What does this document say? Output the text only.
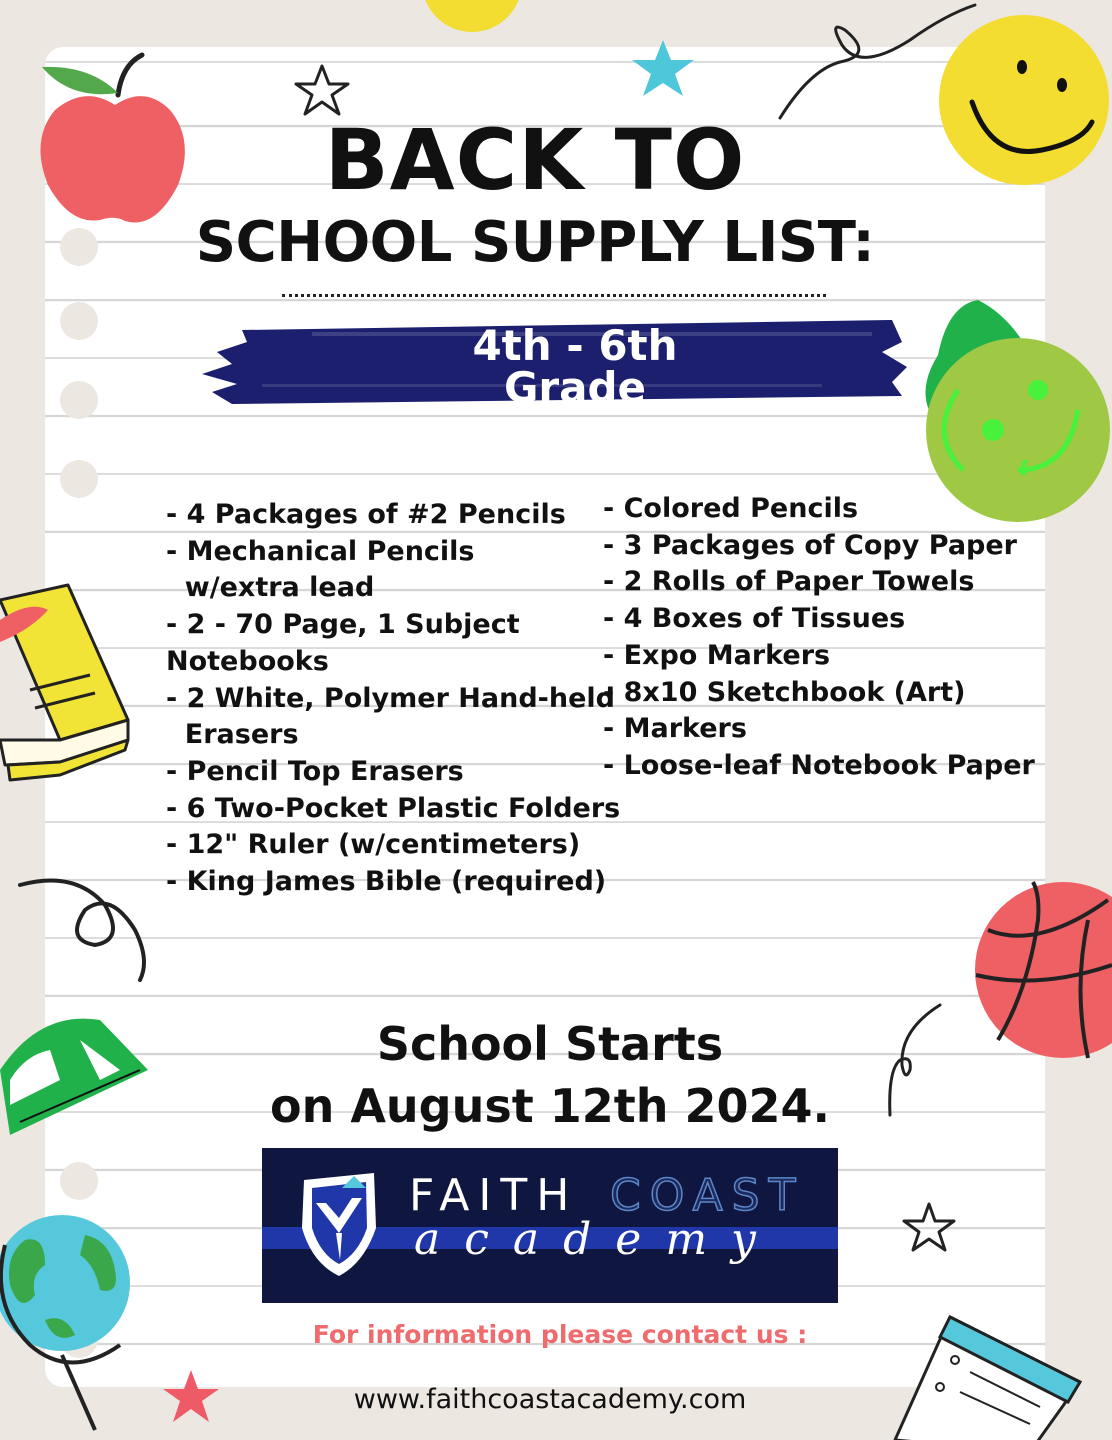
BACK TO
SCHOOL SUPPLY LIST:
4th - 6th Grade
- 4 Packages of #2 Pencils
- Mechanical Pencils
w/extra lead
- 2 - 70 Page, 1 Subject
Notebooks
- 2 White, Polymer Hand-held
Erasers
- Pencil Top Erasers
- 6 Two-Pocket Plastic Folders
- 12" Ruler (w/centimeters)
- King James Bible (required)
- Colored Pencils
- 3 Packages of Copy Paper
- 2 Rolls of Paper Towels
- 4 Boxes of Tissues
- Expo Markers
- 8x10 Sketchbook (Art)
- Markers
- Loose-leaf Notebook Paper
School Starts
on August 12th 2024.
FAITH COAST
academy
For information please contact us :
www.faithcoastacademy.com
